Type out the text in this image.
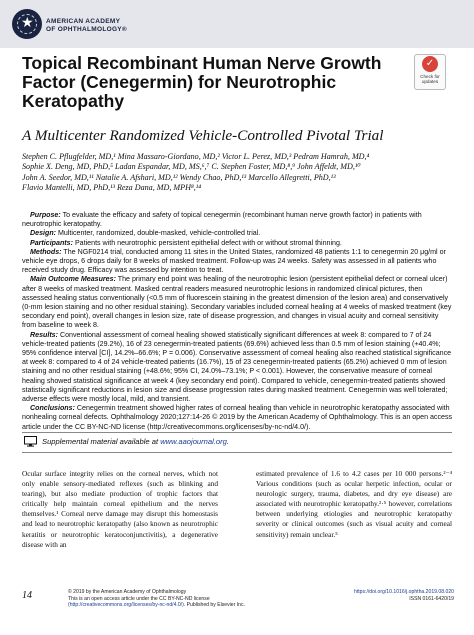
★ AMERICAN ACADEMY
OF OPHTHALMOLOGY®
Topical Recombinant Human Nerve Growth Factor (Cenegermin) for Neurotrophic Keratopathy
✓
Check for
updates
A Multicenter Randomized Vehicle-Controlled Pivotal Trial

Stephen C. Pflugfelder, MD,¹ Mina Massaro-Giordano, MD,² Victor L. Perez, MD,³ Pedram Hamrah, MD,⁴

Sophie X. Deng, MD, PhD,⁵ Ladan Espandar, MD, MS,⁶,⁷ C. Stephen Foster, MD,⁸,⁹ John Affeldt, MD,¹⁰

John A. Seedor, MD,¹¹ Natalie A. Afshari, MD,¹² Wendy Chao, PhD,¹³ Marcello Allegretti, PhD,¹³

Flavio Mantelli, MD, PhD,¹³ Reza Dana, MD, MPH⁸,¹⁴

Purpose: To evaluate the efficacy and safety of topical cenegermin (recombinant human nerve growth factor) in patients with neurotrophic keratopathy.

Design: Multicenter, randomized, double-masked, vehicle-controlled trial.

Participants: Patients with neurotrophic persistent epithelial defect with or without stromal thinning.

Methods: The NGF0214 trial, conducted among 11 sites in the United States, randomized 48 patients 1:1 to cenegermin 20 μg/ml or vehicle eye drops, 6 drops daily for 8 weeks of masked treatment. Follow-up was 24 weeks. Safety was assessed in all patients who received study drug. Efficacy was assessed by intention to treat.

Main Outcome Measures: The primary end point was healing of the neurotrophic lesion (persistent epithelial defect or corneal ulcer) after 8 weeks of masked treatment. Masked central readers measured neurotrophic lesions in randomized clinical pictures, then assessed healing status conventionally (<0.5 mm of fluorescein staining in the greatest dimension of the lesion area) and conservatively (0-mm lesion staining and no other residual staining). Secondary variables included corneal healing at 4 weeks of masked treatment (key secondary end point), overall changes in lesion size, rate of disease progression, and changes in visual acuity and corneal sensitivity from baseline to week 8.

Results: Conventional assessment of corneal healing showed statistically significant differences at week 8: compared to 7 of 24 vehicle-treated patients (29.2%), 16 of 23 cenegermin-treated patients (69.6%) achieved less than 0.5 mm of lesion staining (+40.4%; 95% confidence interval [CI], 14.2%–66.6%; P = 0.006). Conservative assessment of corneal healing also reached statistical significance at week 8: compared to 4 of 24 vehicle-treated patients (16.7%), 15 of 23 cenegermin-treated patients (65.2%) achieved 0 mm of lesion staining and no other residual staining (+48.6%; 95% CI, 24.0%–73.1%; P < 0.001). However, the conservative measure of corneal healing showed statistical significance at week 4 (key secondary end point). Compared to vehicle, cenegermin-treated patients showed statistically significant reductions in lesion size and disease progression rates during masked treatment. Cenegermin was well tolerated; adverse effects were mostly local, mild, and transient.

Conclusions: Cenegermin treatment showed higher rates of corneal healing than vehicle in neurotrophic keratopathy associated with nonhealing corneal defects. Ophthalmology 2020;127:14-26 © 2019 by the American Academy of Ophthalmology. This is an open access article under the CC BY-NC-ND license (http://creativecommons.org/licenses/by-nc-nd/4.0/).

Supplemental material available at www.aaojournal.org.

Ocular surface integrity relies on the corneal nerves, which not only enable sensory-mediated reflexes (such as blinking and tearing), but also mediate production of trophic factors that critically help maintain corneal epithelium and the nerves themselves.¹ Corneal nerve damage may disrupt this homeostasis and lead to neurotrophic keratopathy (also known as neurotrophic keratitis or neurotrophic keratoconjunctivitis), a degenerative disease with an

estimated prevalence of 1.6 to 4.2 cases per 10 000 persons.²⁻⁴ Various conditions (such as ocular herpetic infection, ocular or neurologic surgery, trauma, diabetes, and dry eye disease) are associated with neurotrophic keratopathy.²·⁵ however, correlations between underlying etiologies and neurotrophic keratopathy severity or clinical outcomes (such as visual acuity and corneal sensitivity) remain unclear.⁵

14	© 2019 by the American Academy of Ophthalmology

This is an open access article under the CC BY-NC-ND license

(http://creativecommons.org/licenses/by-nc-nd/4.0/). Published by Elsevier Inc.

https://doi.org/10.1016/j.ophtha.2019.08.020

ISSN 0161-6420/19
